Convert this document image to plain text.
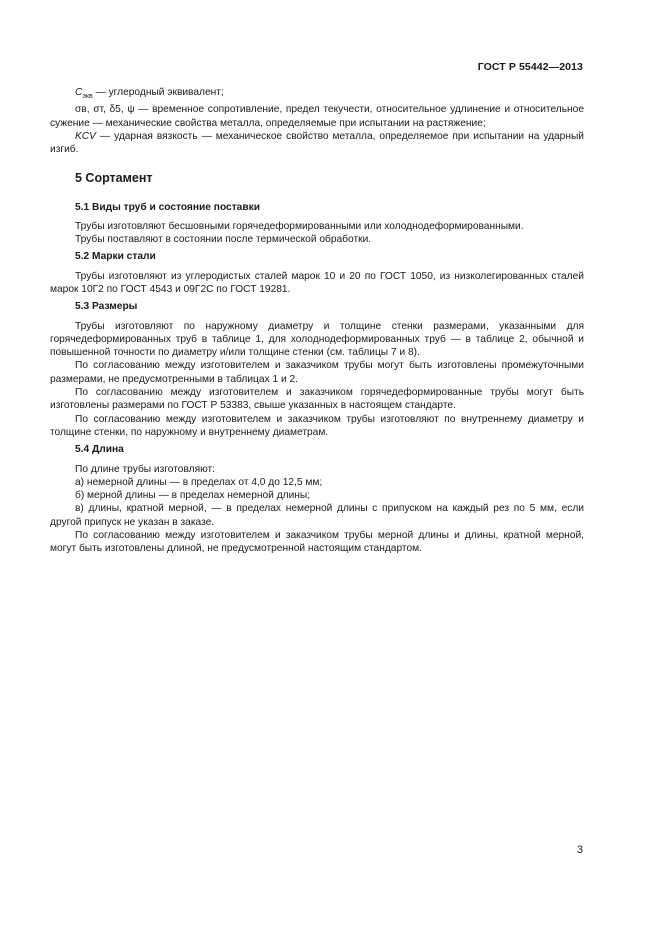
ГОСТ Р 55442—2013

$C_{экв}$ — углеродный эквивалент;

σв, σт, δ5, ψ — временное сопротивление, предел текучести, относительное удлинение и относительное сужение — механические свойства металла, определяемые при испытании на растяжение;

KCV — ударная вязкость — механическое свойство металла, определяемое при испытании на ударный изгиб.

5 Сортамент

5.1 Виды труб и состояние поставки

Трубы изготовляют бесшовными горячедеформированными или холоднодеформированными.

Трубы поставляют в состоянии после термической обработки.

5.2 Марки стали

Трубы изготовляют из углеродистых сталей марок 10 и 20 по ГОСТ 1050, из низколегированных сталей марок 10Г2 по ГОСТ 4543 и 09Г2С по ГОСТ 19281.

5.3 Размеры

Трубы изготовляют по наружному диаметру и толщине стенки размерами, указанными для горячедеформированных труб в таблице 1, для холоднодеформированных труб — в таблице 2, обычной и повышенной точности по диаметру и/или толщине стенки (см. таблицы 7 и 8).

По согласованию между изготовителем и заказчиком трубы могут быть изготовлены промежуточными размерами, не предусмотренными в таблицах 1 и 2.

По согласованию между изготовителем и заказчиком горячедеформированные трубы могут быть изготовлены размерами по ГОСТ Р 53383, свыше указанных в настоящем стандарте.

По согласованию между изготовителем и заказчиком трубы изготовляют по внутреннему диаметру и толщине стенки, по наружному и внутреннему диаметрам.

5.4 Длина

По длине трубы изготовляют:

а) немерной длины — в пределах от 4,0 до 12,5 мм;

б) мерной длины — в пределах немерной длины;

в) длины, кратной мерной, — в пределах немерной длины с припуском на каждый рез по 5 мм, если другой припуск не указан в заказе.

По согласованию между изготовителем и заказчиком трубы мерной длины и длины, кратной мерной, могут быть изготовлены длиной, не предусмотренной настоящим стандартом.

3
